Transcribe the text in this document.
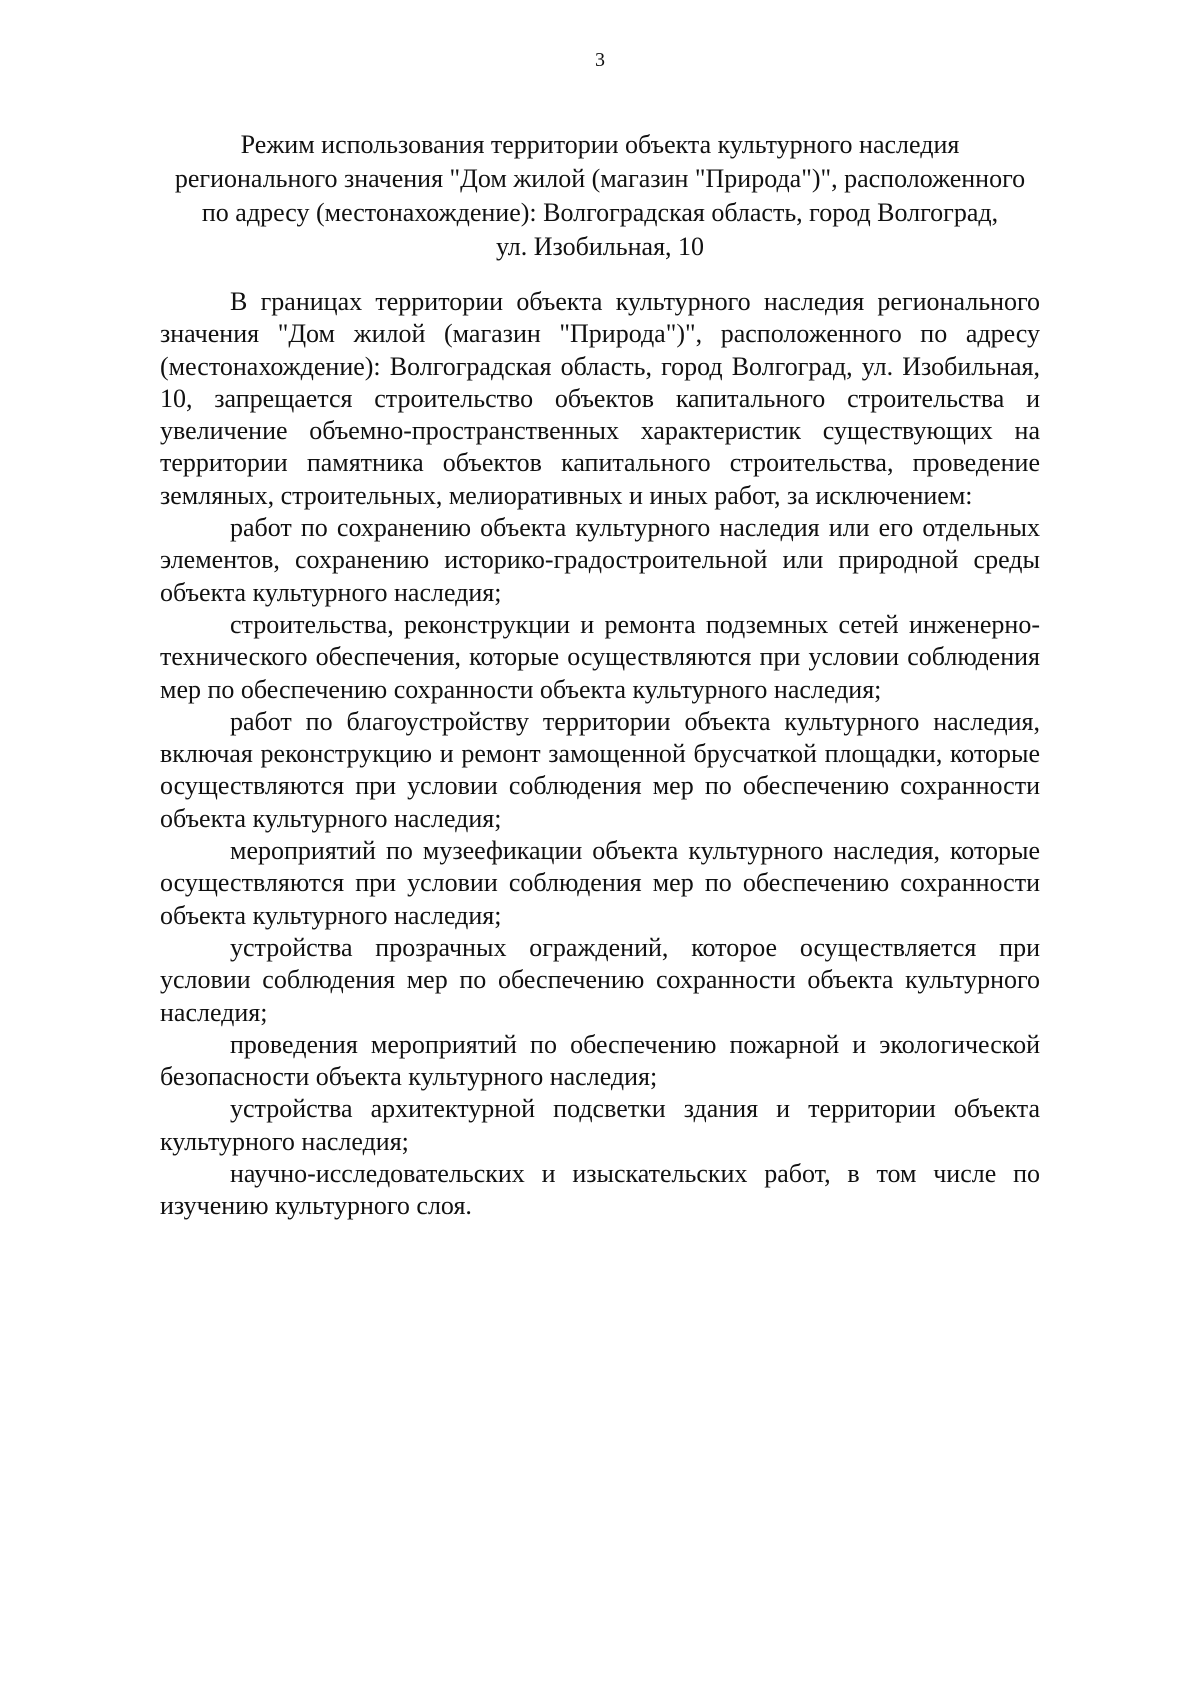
3
Режим использования территории объекта культурного наследия
регионального значения "Дом жилой (магазин "Природа")", расположенного
по адресу (местонахождение): Волгоградская область, город Волгоград,
ул. Изобильная, 10

В границах территории объекта культурного наследия регионального значения "Дом жилой (магазин "Природа")", расположенного по адресу (местонахождение): Волгоградская область, город Волгоград, ул. Изобильная, 10, запрещается строительство объектов капитального строительства и увеличение объемно-пространственных характеристик существующих на территории памятника объектов капитального строительства, проведение земляных, строительных, мелиоративных и иных работ, за исключением:

работ по сохранению объекта культурного наследия или его отдельных элементов, сохранению историко-градостроительной или природной среды объекта культурного наследия;

строительства, реконструкции и ремонта подземных сетей инженерно-технического обеспечения, которые осуществляются при условии соблюдения мер по обеспечению сохранности объекта культурного наследия;

работ по благоустройству территории объекта культурного наследия, включая реконструкцию и ремонт замощенной брусчаткой площадки, которые осуществляются при условии соблюдения мер по обеспечению сохранности объекта культурного наследия;

мероприятий по музеефикации объекта культурного наследия, которые осуществляются при условии соблюдения мер по обеспечению сохранности объекта культурного наследия;

устройства прозрачных ограждений, которое осуществляется при условии соблюдения мер по обеспечению сохранности объекта культурного наследия;

проведения мероприятий по обеспечению пожарной и экологической безопасности объекта культурного наследия;

устройства архитектурной подсветки здания и территории объекта культурного наследия;

научно-исследовательских и изыскательских работ, в том числе по изучению культурного слоя.
